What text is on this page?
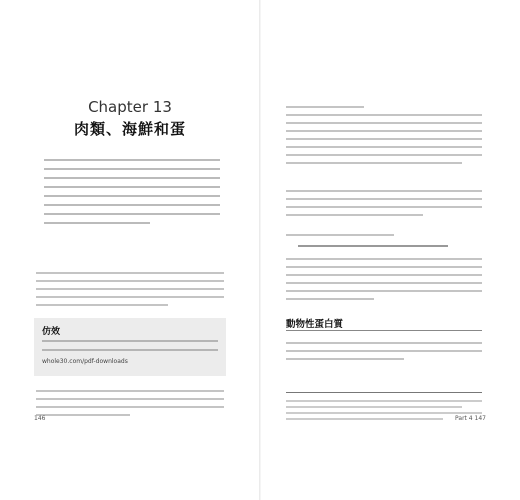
Chapter 13
肉類、海鮮和蛋
仿效
whole30.com/pdf-downloads
146
動物性蛋白質
Part 4 147
